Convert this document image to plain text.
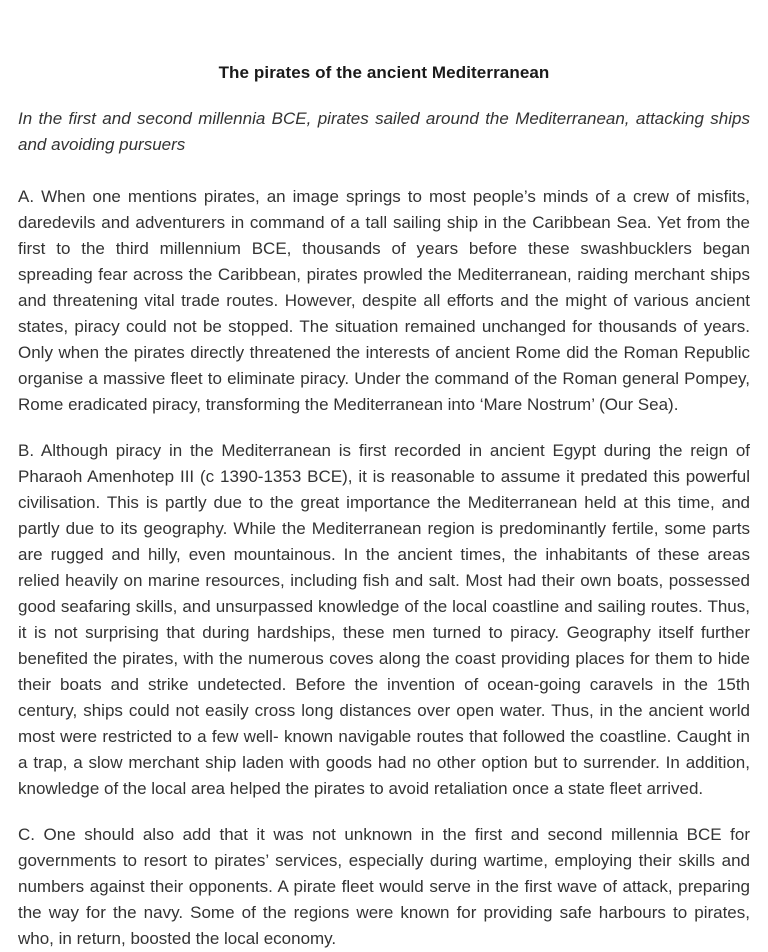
The pirates of the ancient Mediterranean

In the first and second millennia BCE, pirates sailed around the Mediterranean, attacking ships and avoiding pursuers

A. When one mentions pirates, an image springs to most people’s minds of a crew of misfits, daredevils and adventurers in command of a tall sailing ship in the Caribbean Sea. Yet from the first to the third millennium BCE, thousands of years before these swashbucklers began spreading fear across the Caribbean, pirates prowled the Mediterranean, raiding merchant ships and threatening vital trade routes. However, despite all efforts and the might of various ancient states, piracy could not be stopped. The situation remained unchanged for thousands of years. Only when the pirates directly threatened the interests of ancient Rome did the Roman Republic organise a massive fleet to eliminate piracy. Under the command of the Roman general Pompey, Rome eradicated piracy, transforming the Mediterranean into ‘Mare Nostrum’ (Our Sea).

B. Although piracy in the Mediterranean is first recorded in ancient Egypt during the reign of Pharaoh Amenhotep III (c 1390-1353 BCE), it is reasonable to assume it predated this powerful civilisation. This is partly due to the great importance the Mediterranean held at this time, and partly due to its geography. While the Mediterranean region is predominantly fertile, some parts are rugged and hilly, even mountainous. In the ancient times, the inhabitants of these areas relied heavily on marine resources, including fish and salt. Most had their own boats, possessed good seafaring skills, and unsurpassed knowledge of the local coastline and sailing routes. Thus, it is not surprising that during hardships, these men turned to piracy. Geography itself further benefited the pirates, with the numerous coves along the coast providing places for them to hide their boats and strike undetected. Before the invention of ocean-going caravels in the 15th century, ships could not easily cross long distances over open water. Thus, in the ancient world most were restricted to a few well- known navigable routes that followed the coastline. Caught in a trap, a slow merchant ship laden with goods had no other option but to surrender. In addition, knowledge of the local area helped the pirates to avoid retaliation once a state fleet arrived.

C. One should also add that it was not unknown in the first and second millennia BCE for governments to resort to pirates’ services, especially during wartime, employing their skills and numbers against their opponents. A pirate fleet would serve in the first wave of attack, preparing the way for the navy. Some of the regions were known for providing safe harbours to pirates, who, in return, boosted the local economy.
